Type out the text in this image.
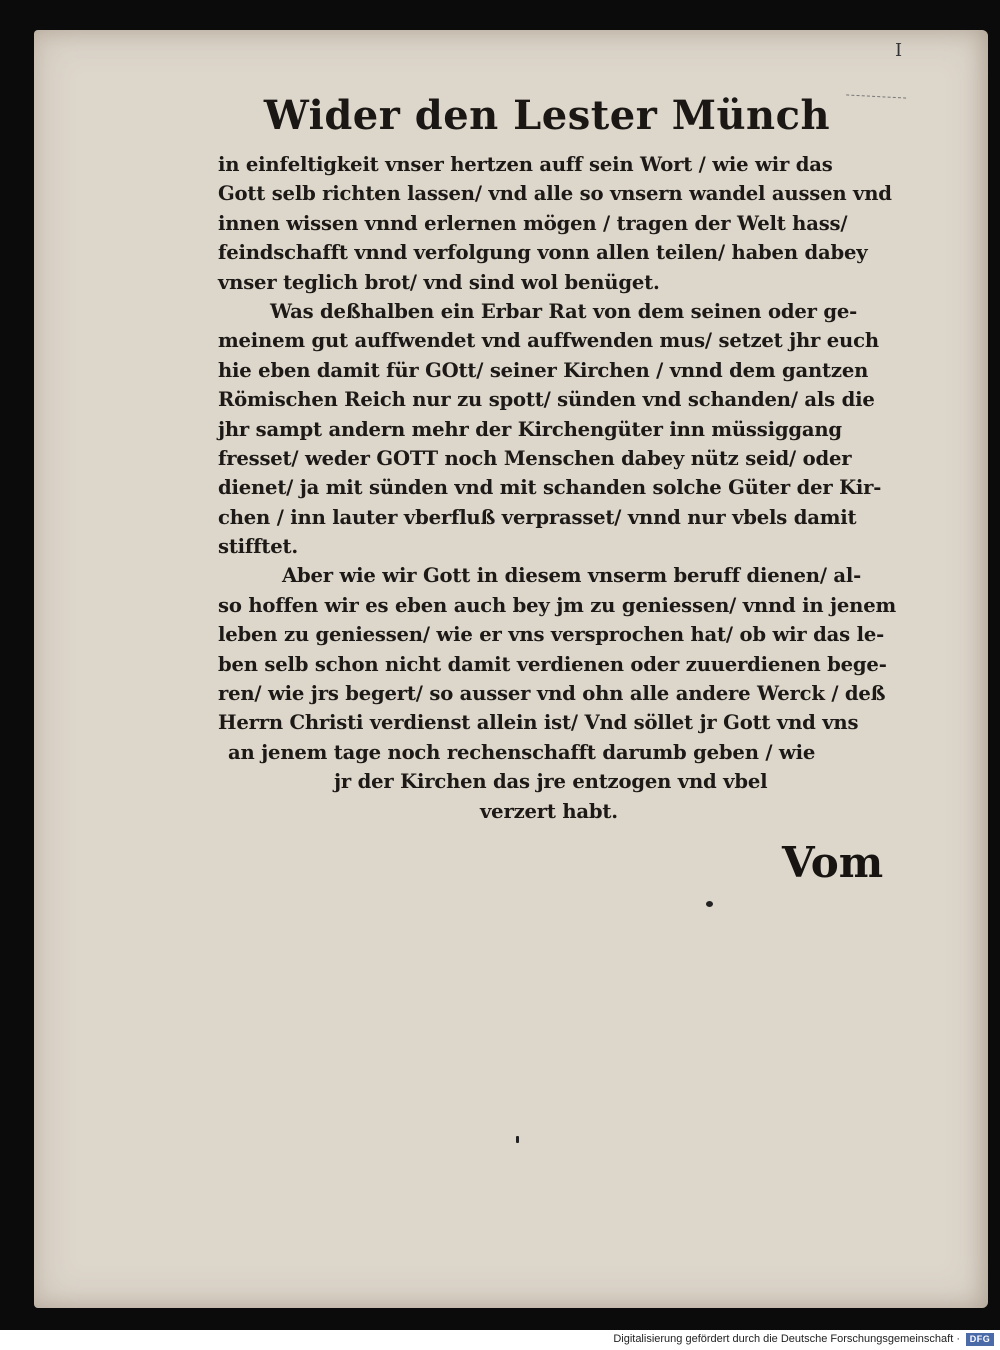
I
Wider den Lester Münch
in einfeltigkeit vnser hertzen auff sein Wort / wie wir das
Gott selb richten lassen/ vnd alle so vnsern wandel aussen vnd
innen wissen vnnd erlernen mögen / tragen der Welt hass/
feindschafft vnnd verfolgung vonn allen teilen/ haben dabey
vnser teglich brot/ vnd sind wol benüget.
Was deßhalben ein Erbar Rat von dem seinen oder ge-
meinem gut auffwendet vnd auffwenden mus/ setzet jhr euch
hie eben damit für GOtt/ seiner Kirchen / vnnd dem gantzen
Römischen Reich nur zu spott/ sünden vnd schanden/ als die
jhr sampt andern mehr der Kirchengüter inn müssiggang
fresset/ weder GOTT noch Menschen dabey nütz seid/ oder
dienet/ ja mit sünden vnd mit schanden solche Güter der Kir-
chen / inn lauter vberfluß verprasset/ vnnd nur vbels damit
stifftet.
Aber wie wir Gott in diesem vnserm beruff dienen/ al-
so hoffen wir es eben auch bey jm zu geniessen/ vnnd in jenem
leben zu geniessen/ wie er vns versprochen hat/ ob wir das le-
ben selb schon nicht damit verdienen oder zuuerdienen bege-
ren/ wie jrs begert/ so ausser vnd ohn alle andere Werck / deß
Herrn Christi verdienst allein ist/ Vnd söllet jr Gott vnd vns
an jenem tage noch rechenschafft darumb geben / wie
jr der Kirchen das jre entzogen vnd vbel
verzert habt.
Vom
Digitalisierung gefördert durch die Deutsche Forschungsgemeinschaft ·	DFG
